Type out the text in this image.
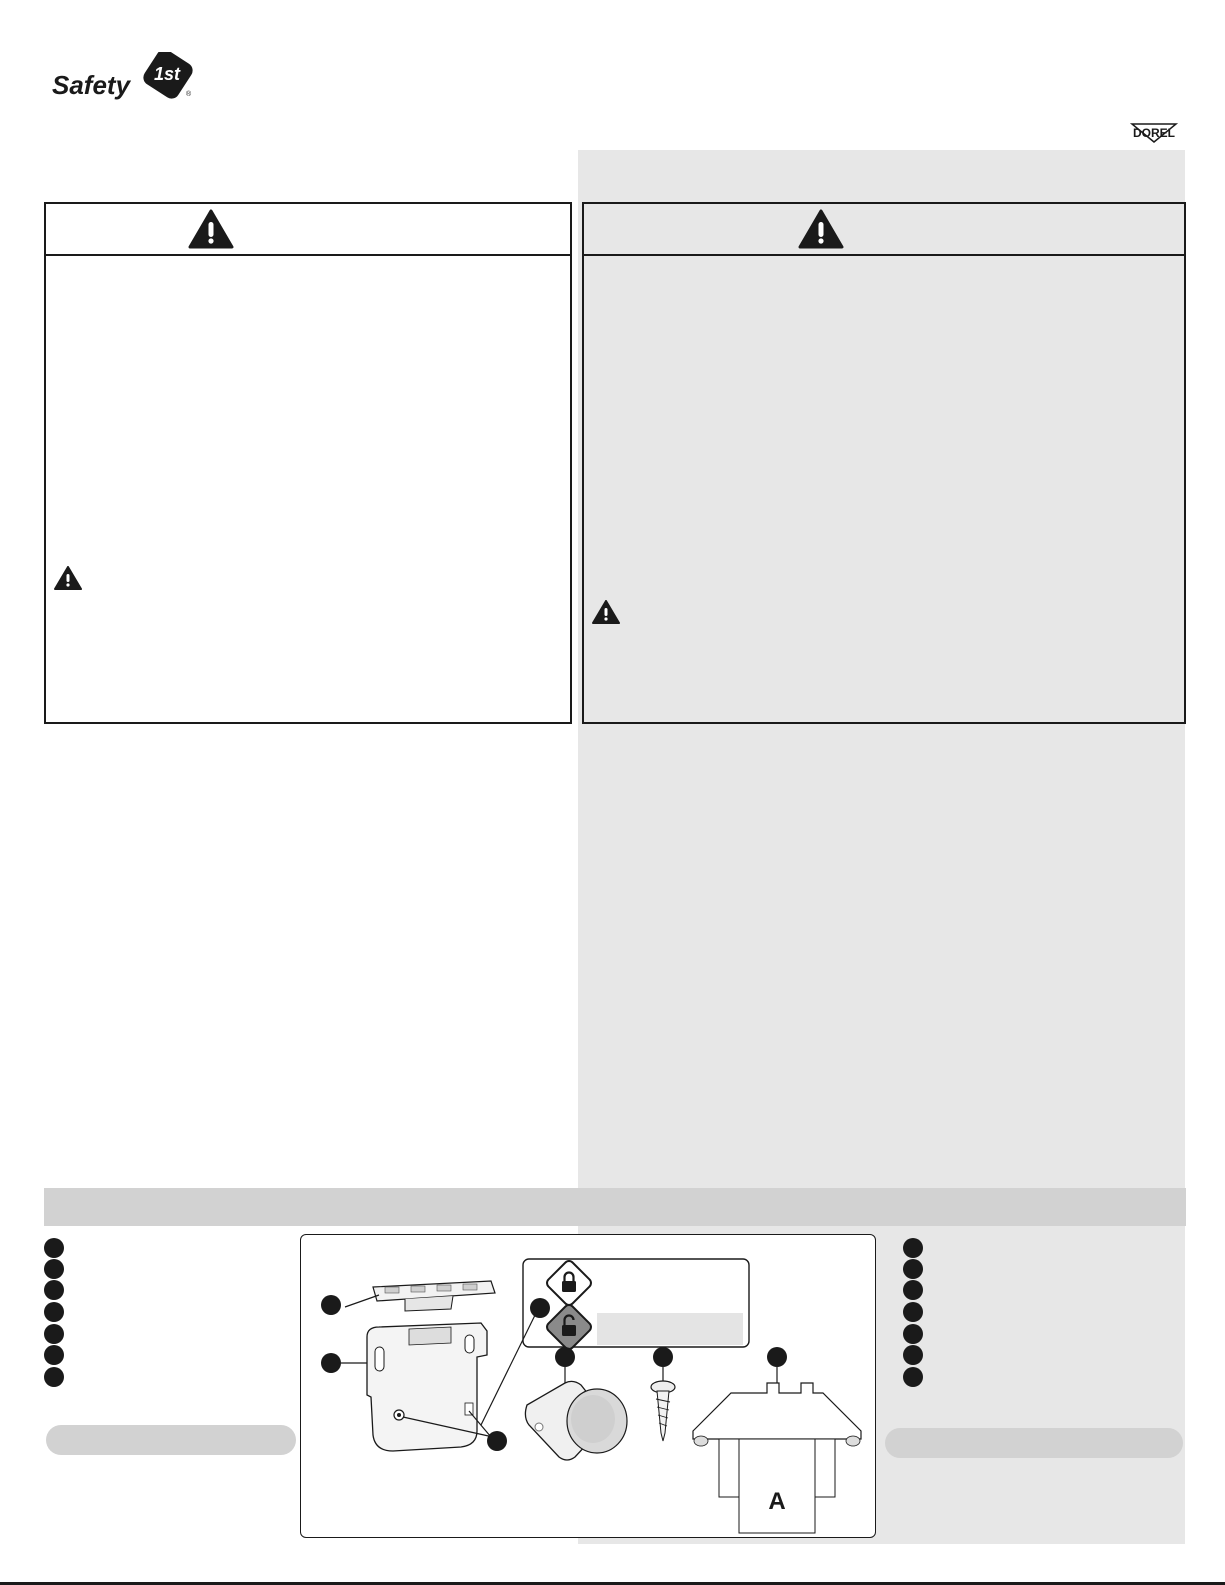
1st
Safety	®
DOREL
A
